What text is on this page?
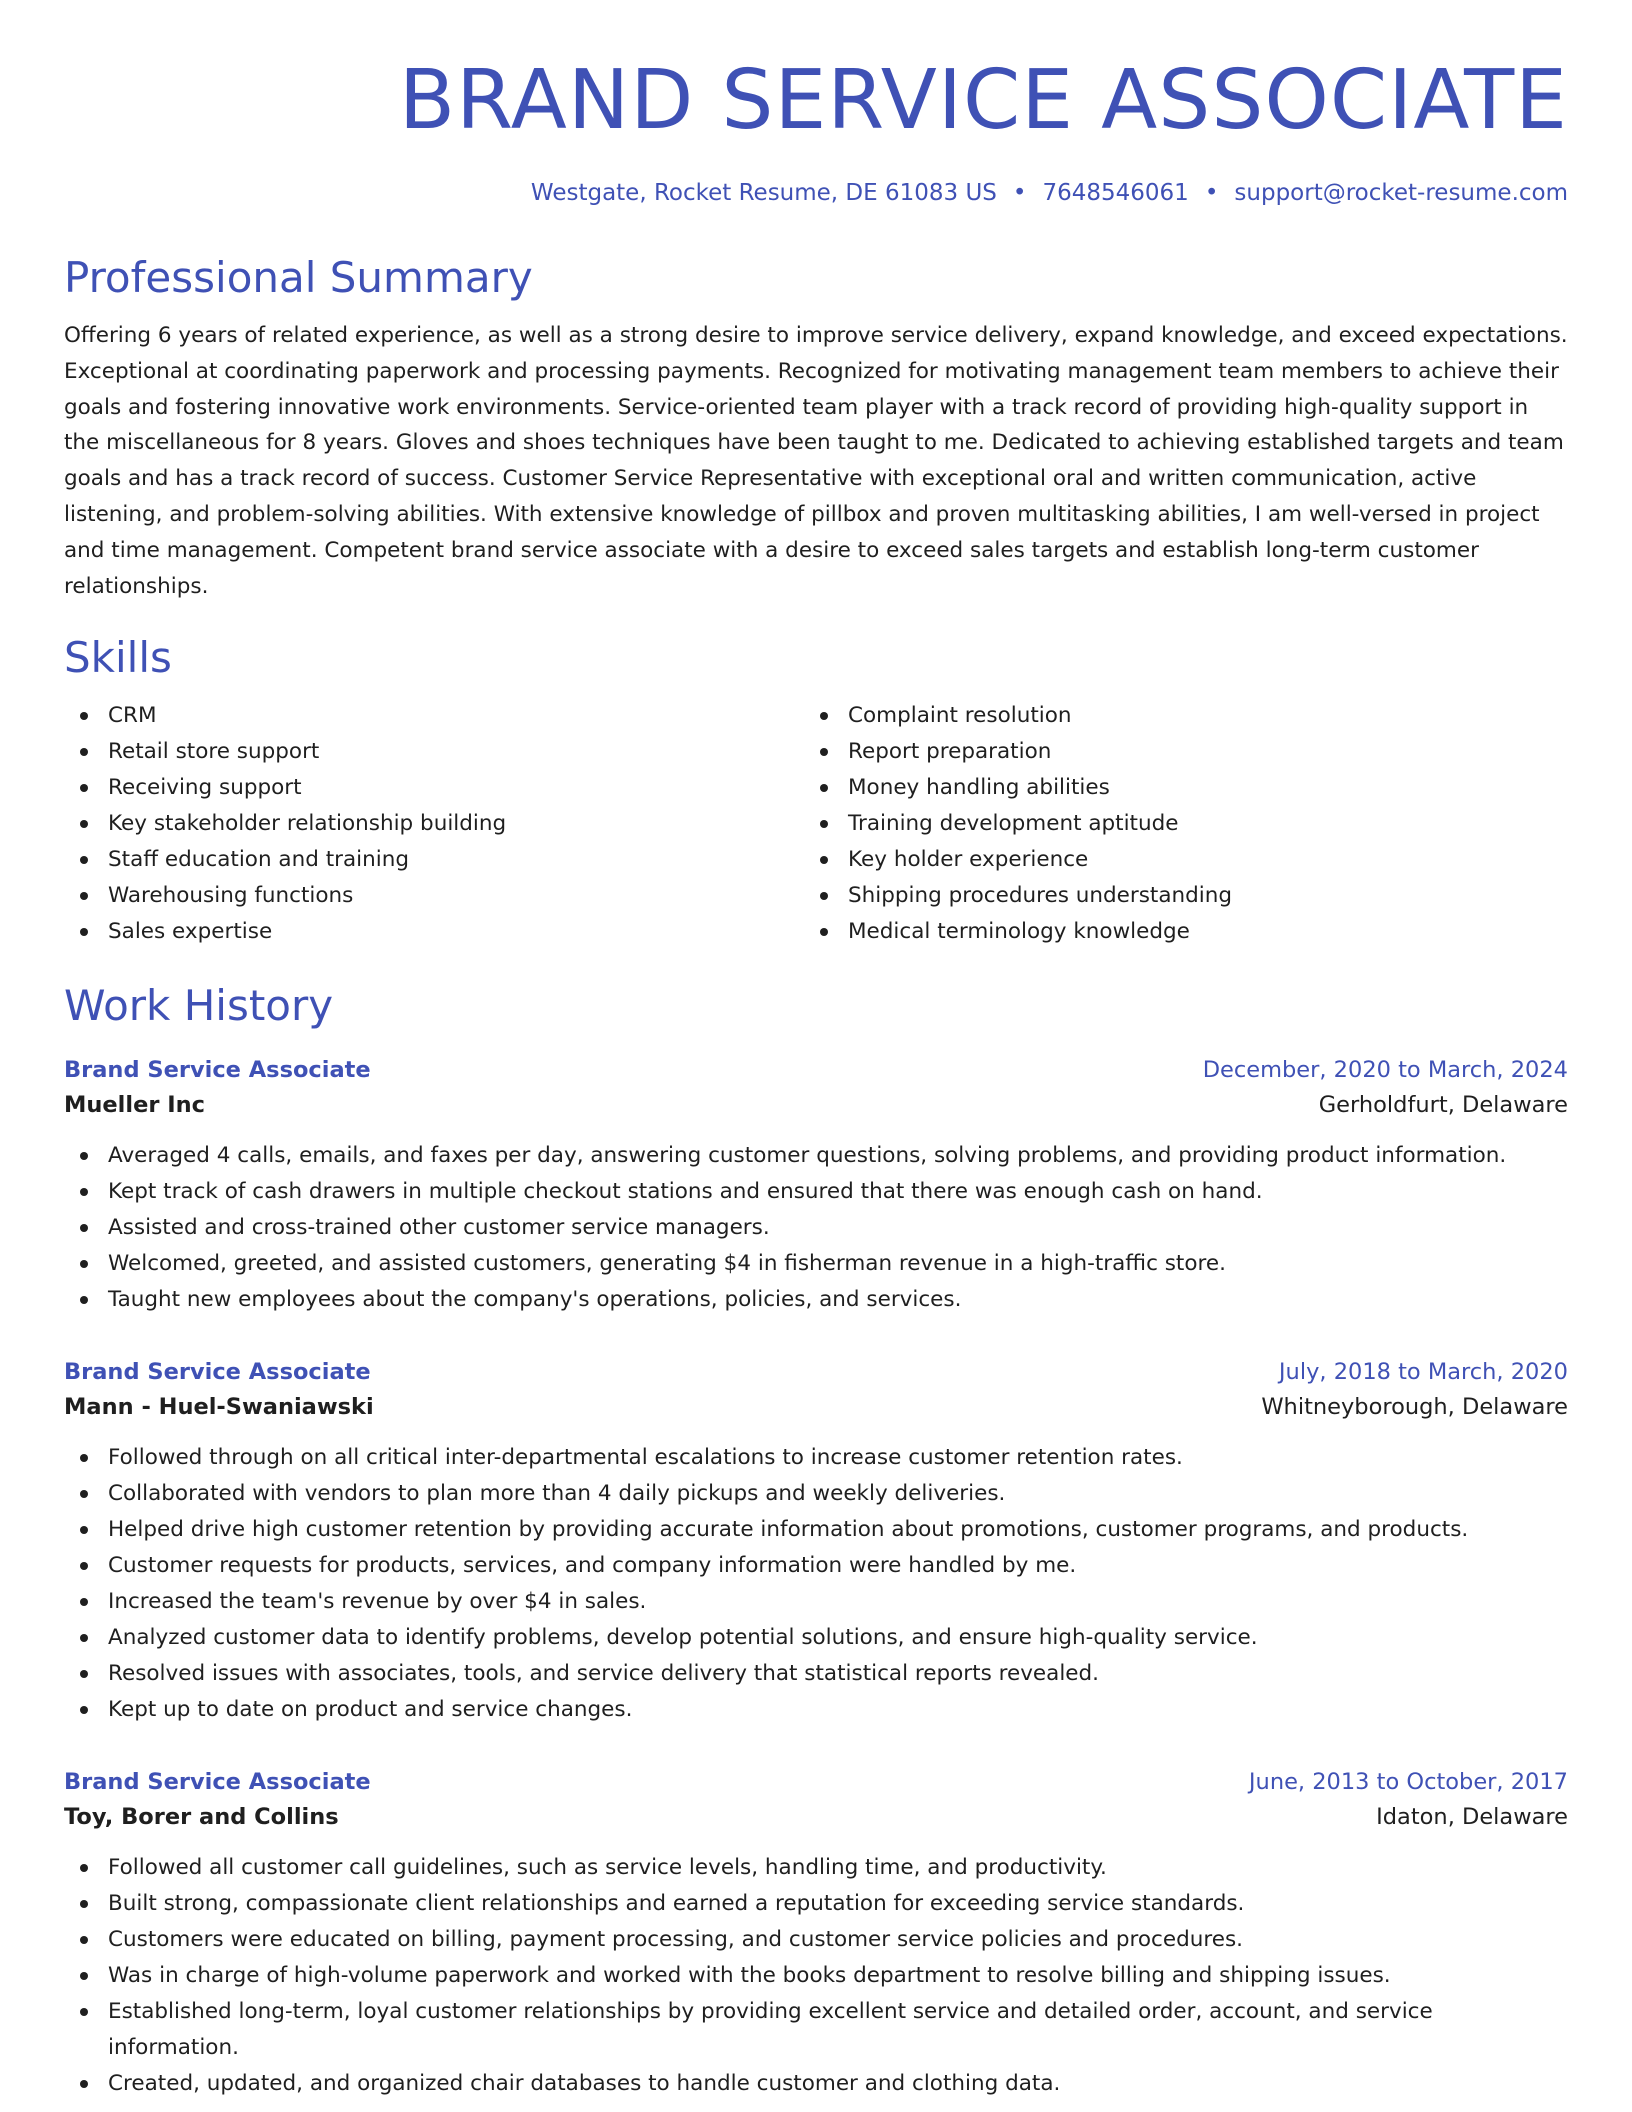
BRAND SERVICE ASSOCIATE
Westgate, Rocket Resume, DE 61083 US • 7648546061 • support@rocket-resume.com
Professional Summary

Offering 6 years of related experience, as well as a strong desire to improve service delivery, expand knowledge, and exceed expectations. Exceptional at coordinating paperwork and processing payments. Recognized for motivating management team members to achieve their goals and fostering innovative work environments. Service-oriented team player with a track record of providing high-quality support in the miscellaneous for 8 years. Gloves and shoes techniques have been taught to me. Dedicated to achieving established targets and team goals and has a track record of success. Customer Service Representative with exceptional oral and written communication, active listening, and problem-solving abilities. With extensive knowledge of pillbox and proven multitasking abilities, I am well-versed in project and time management. Competent brand service associate with a desire to exceed sales targets and establish long-term customer relationships.

Skills
CRM
Retail store support
Receiving support
Key stakeholder relationship building
Staff education and training
Warehousing functions
Sales expertise
Complaint resolution
Report preparation
Money handling abilities
Training development aptitude
Key holder experience
Shipping procedures understanding
Medical terminology knowledge
Work History
Brand Service Associate	December, 2020 to March, 2024
Mueller Inc	Gerholdfurt, Delaware
Averaged 4 calls, emails, and faxes per day, answering customer questions, solving problems, and providing product information.
Kept track of cash drawers in multiple checkout stations and ensured that there was enough cash on hand.
Assisted and cross-trained other customer service managers.
Welcomed, greeted, and assisted customers, generating $4 in fisherman revenue in a high-traffic store.
Taught new employees about the company's operations, policies, and services.
Brand Service Associate	July, 2018 to March, 2020
Mann - Huel-Swaniawski	Whitneyborough, Delaware
Followed through on all critical inter-departmental escalations to increase customer retention rates.
Collaborated with vendors to plan more than 4 daily pickups and weekly deliveries.
Helped drive high customer retention by providing accurate information about promotions, customer programs, and products.
Customer requests for products, services, and company information were handled by me.
Increased the team's revenue by over $4 in sales.
Analyzed customer data to identify problems, develop potential solutions, and ensure high-quality service.
Resolved issues with associates, tools, and service delivery that statistical reports revealed.
Kept up to date on product and service changes.
Brand Service Associate	June, 2013 to October, 2017
Toy, Borer and Collins	Idaton, Delaware
Followed all customer call guidelines, such as service levels, handling time, and productivity.
Built strong, compassionate client relationships and earned a reputation for exceeding service standards.
Customers were educated on billing, payment processing, and customer service policies and procedures.
Was in charge of high-volume paperwork and worked with the books department to resolve billing and shipping issues.
Established long-term, loyal customer relationships by providing excellent service and detailed order, account, and service information.
Created, updated, and organized chair databases to handle customer and clothing data.
